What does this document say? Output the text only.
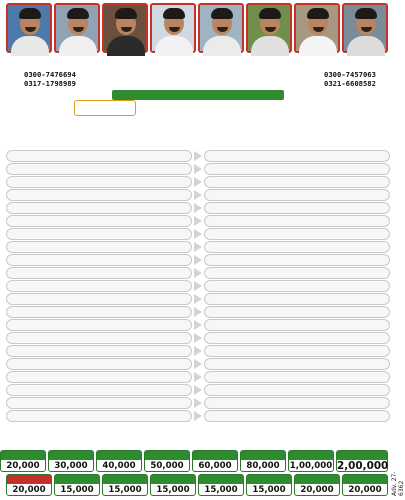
0300-7476694
0317-1798989
0300-7457063
0321-6608582
Adv. 27-6362
2,00,000
1,00,000
80,000
60,000
50,000
40,000
30,000
20,000
20,000
20,000
15,000
15,000
15,000
15,000
15,000
20,000
